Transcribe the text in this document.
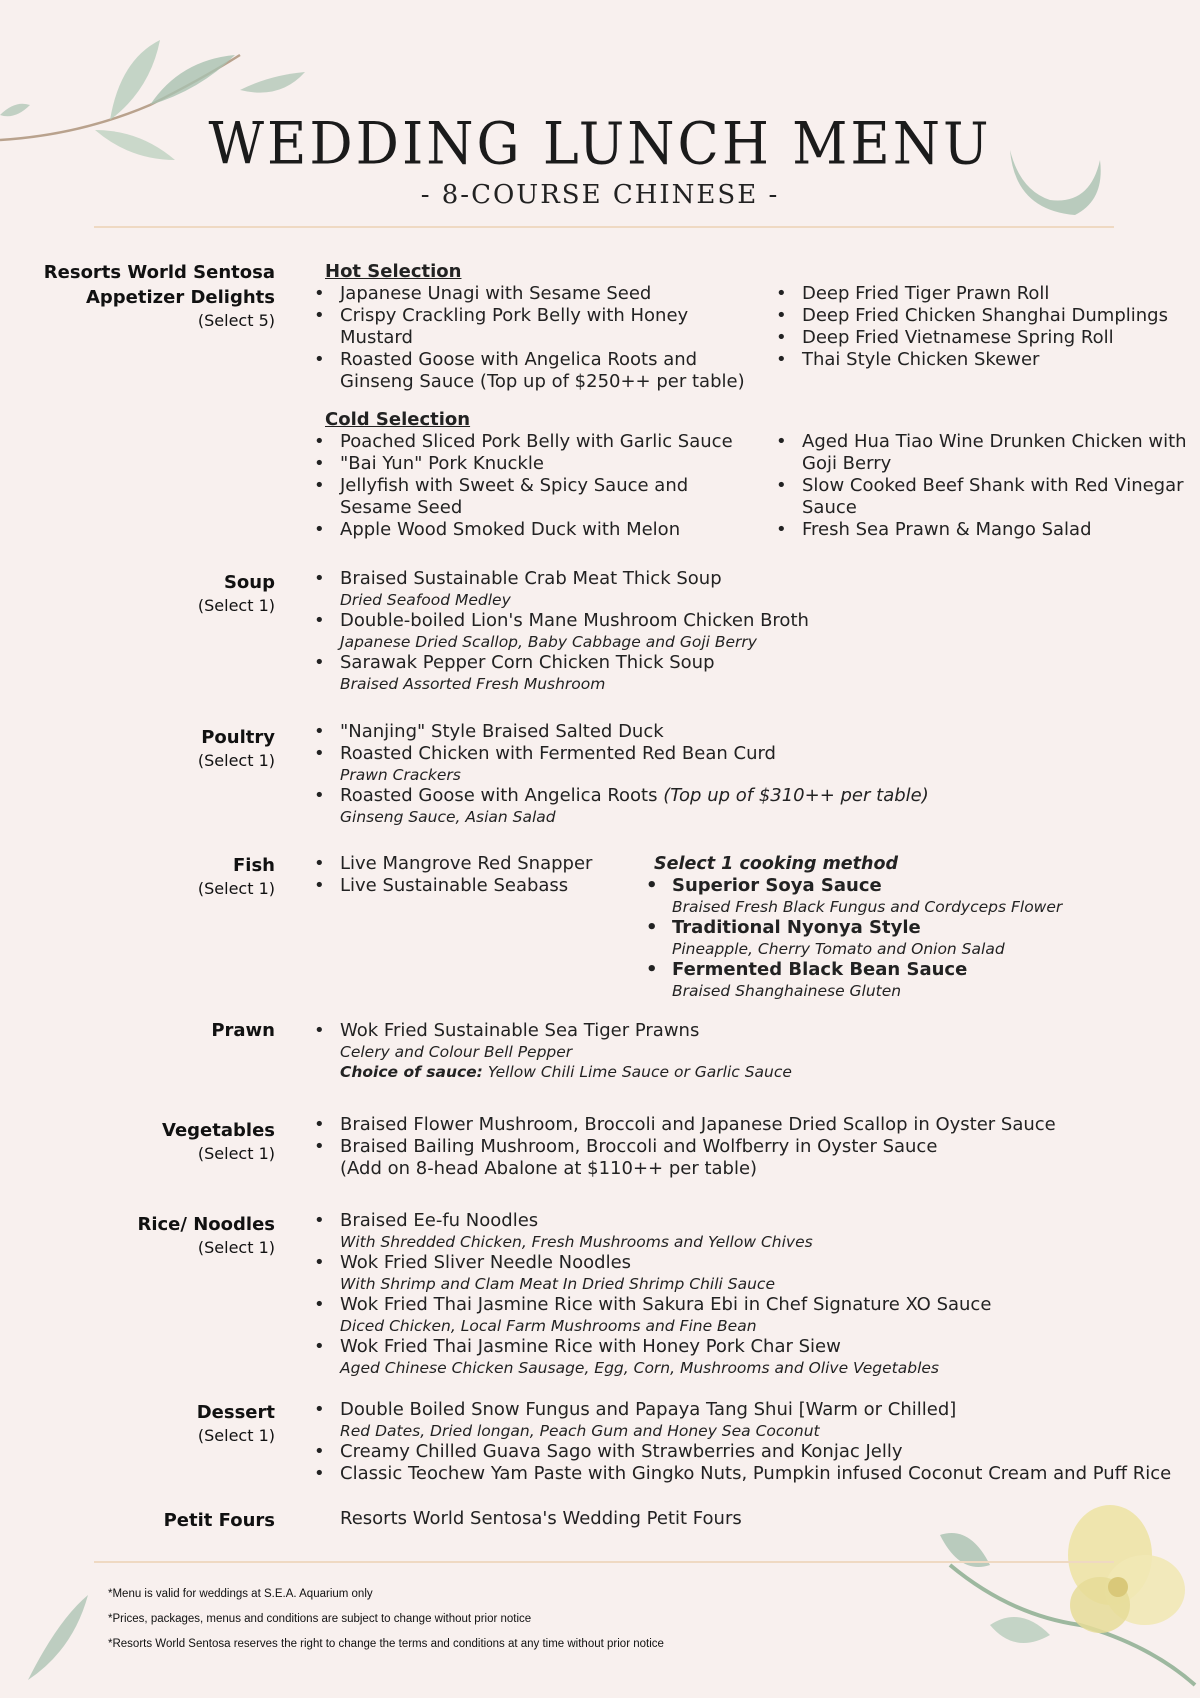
WEDDING LUNCH MENU
- 8-COURSE CHINESE -
Resorts World Sentosa
Appetizer Delights
(Select 5)
Hot Selection
• Japanese Unagi with Sesame Seed
• Crispy Crackling Pork Belly with Honey Mustard
• Roasted Goose with Angelica Roots and Ginseng Sauce (Top up of $250++ per table)
• Deep Fried Tiger Prawn Roll
• Deep Fried Chicken Shanghai Dumplings
• Deep Fried Vietnamese Spring Roll
• Thai Style Chicken Skewer
Cold Selection
• Poached Sliced Pork Belly with Garlic Sauce
• "Bai Yun" Pork Knuckle
• Jellyfish with Sweet & Spicy Sauce and Sesame Seed
• Apple Wood Smoked Duck with Melon
• Aged Hua Tiao Wine Drunken Chicken with Goji Berry
• Slow Cooked Beef Shank with Red Vinegar Sauce
• Fresh Sea Prawn & Mango Salad
Soup
(Select 1)
• Braised Sustainable Crab Meat Thick Soup
Dried Seafood Medley
• Double-boiled Lion's Mane Mushroom Chicken Broth
Japanese Dried Scallop, Baby Cabbage and Goji Berry
• Sarawak Pepper Corn Chicken Thick Soup
Braised Assorted Fresh Mushroom
Poultry
(Select 1)
• "Nanjing" Style Braised Salted Duck
• Roasted Chicken with Fermented Red Bean Curd
Prawn Crackers
• Roasted Goose with Angelica Roots (Top up of $310++ per table)
Ginseng Sauce, Asian Salad
Fish
(Select 1)
• Live Mangrove Red Snapper
• Live Sustainable Seabass
Select 1 cooking method
• Superior Soya Sauce
Braised Fresh Black Fungus and Cordyceps Flower
• Traditional Nyonya Style
Pineapple, Cherry Tomato and Onion Salad
• Fermented Black Bean Sauce
Braised Shanghainese Gluten
Prawn	• Wok Fried Sustainable Sea Tiger Prawns
Celery and Colour Bell Pepper
Choice of sauce: Yellow Chili Lime Sauce or Garlic Sauce
Vegetables
(Select 1)
• Braised Flower Mushroom, Broccoli and Japanese Dried Scallop in Oyster Sauce
• Braised Bailing Mushroom, Broccoli and Wolfberry in Oyster Sauce
(Add on 8-head Abalone at $110++ per table)
Rice/ Noodles
(Select 1)
• Braised Ee-fu Noodles
With Shredded Chicken, Fresh Mushrooms and Yellow Chives
• Wok Fried Sliver Needle Noodles
With Shrimp and Clam Meat In Dried Shrimp Chili Sauce
• Wok Fried Thai Jasmine Rice with Sakura Ebi in Chef Signature XO Sauce
Diced Chicken, Local Farm Mushrooms and Fine Bean
• Wok Fried Thai Jasmine Rice with Honey Pork Char Siew
Aged Chinese Chicken Sausage, Egg, Corn, Mushrooms and Olive Vegetables
Dessert
(Select 1)
• Double Boiled Snow Fungus and Papaya Tang Shui [Warm or Chilled]
Red Dates, Dried longan, Peach Gum and Honey Sea Coconut
• Creamy Chilled Guava Sago with Strawberries and Konjac Jelly
• Classic Teochew Yam Paste with Gingko Nuts, Pumpkin infused Coconut Cream and Puff Rice
Petit Fours	Resorts World Sentosa's Wedding Petit Fours
*Menu is valid for weddings at S.E.A. Aquarium only
*Prices, packages, menus and conditions are subject to change without prior notice
*Resorts World Sentosa reserves the right to change the terms and conditions at any time without prior notice
